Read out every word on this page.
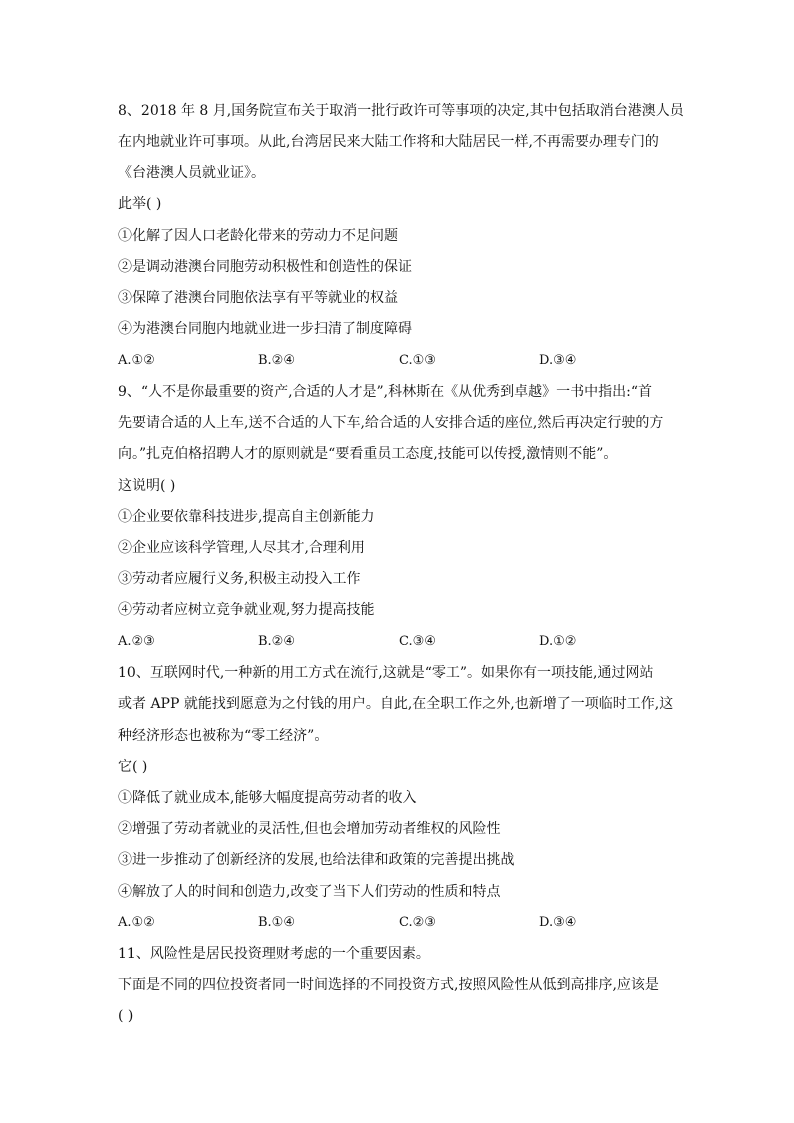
8、2018 年 8 月,国务院宣布关于取消一批行政许可等事项的决定,其中包括取消台港澳人员
在内地就业许可事项。从此,台湾居民来大陆工作将和大陆居民一样,不再需要办理专门的
《台港澳人员就业证》。
此举( )
①化解了因人口老龄化带来的劳动力不足问题
②是调动港澳台同胞劳动积极性和创造性的保证
③保障了港澳台同胞依法享有平等就业的权益
④为港澳台同胞内地就业进一步扫清了制度障碍
A.①②	B.②④	C.①③	D.③④
9、“人不是你最重要的资产,合适的人才是”,科林斯在《从优秀到卓越》一书中指出:“首
先要请合适的人上车,送不合适的人下车,给合适的人安排合适的座位,然后再决定行驶的方
向。”扎克伯格招聘人才的原则就是“要看重员工态度,技能可以传授,激情则不能”。
这说明( )
①企业要依靠科技进步,提高自主创新能力
②企业应该科学管理,人尽其才,合理利用
③劳动者应履行义务,积极主动投入工作
④劳动者应树立竞争就业观,努力提高技能
A.②③	B.②④	C.③④	D.①②
10、互联网时代,一种新的用工方式在流行,这就是“零工”。如果你有一项技能,通过网站
或者 APP 就能找到愿意为之付钱的用户。自此,在全职工作之外,也新增了一项临时工作,这
种经济形态也被称为“零工经济”。
它( )
①降低了就业成本,能够大幅度提高劳动者的收入
②增强了劳动者就业的灵活性,但也会增加劳动者维权的风险性
③进一步推动了创新经济的发展,也给法律和政策的完善提出挑战
④解放了人的时间和创造力,改变了当下人们劳动的性质和特点
A.①②	B.①④	C.②③	D.③④
11、风险性是居民投资理财考虑的一个重要因素。
下面是不同的四位投资者同一时间选择的不同投资方式,按照风险性从低到高排序,应该是
( )
